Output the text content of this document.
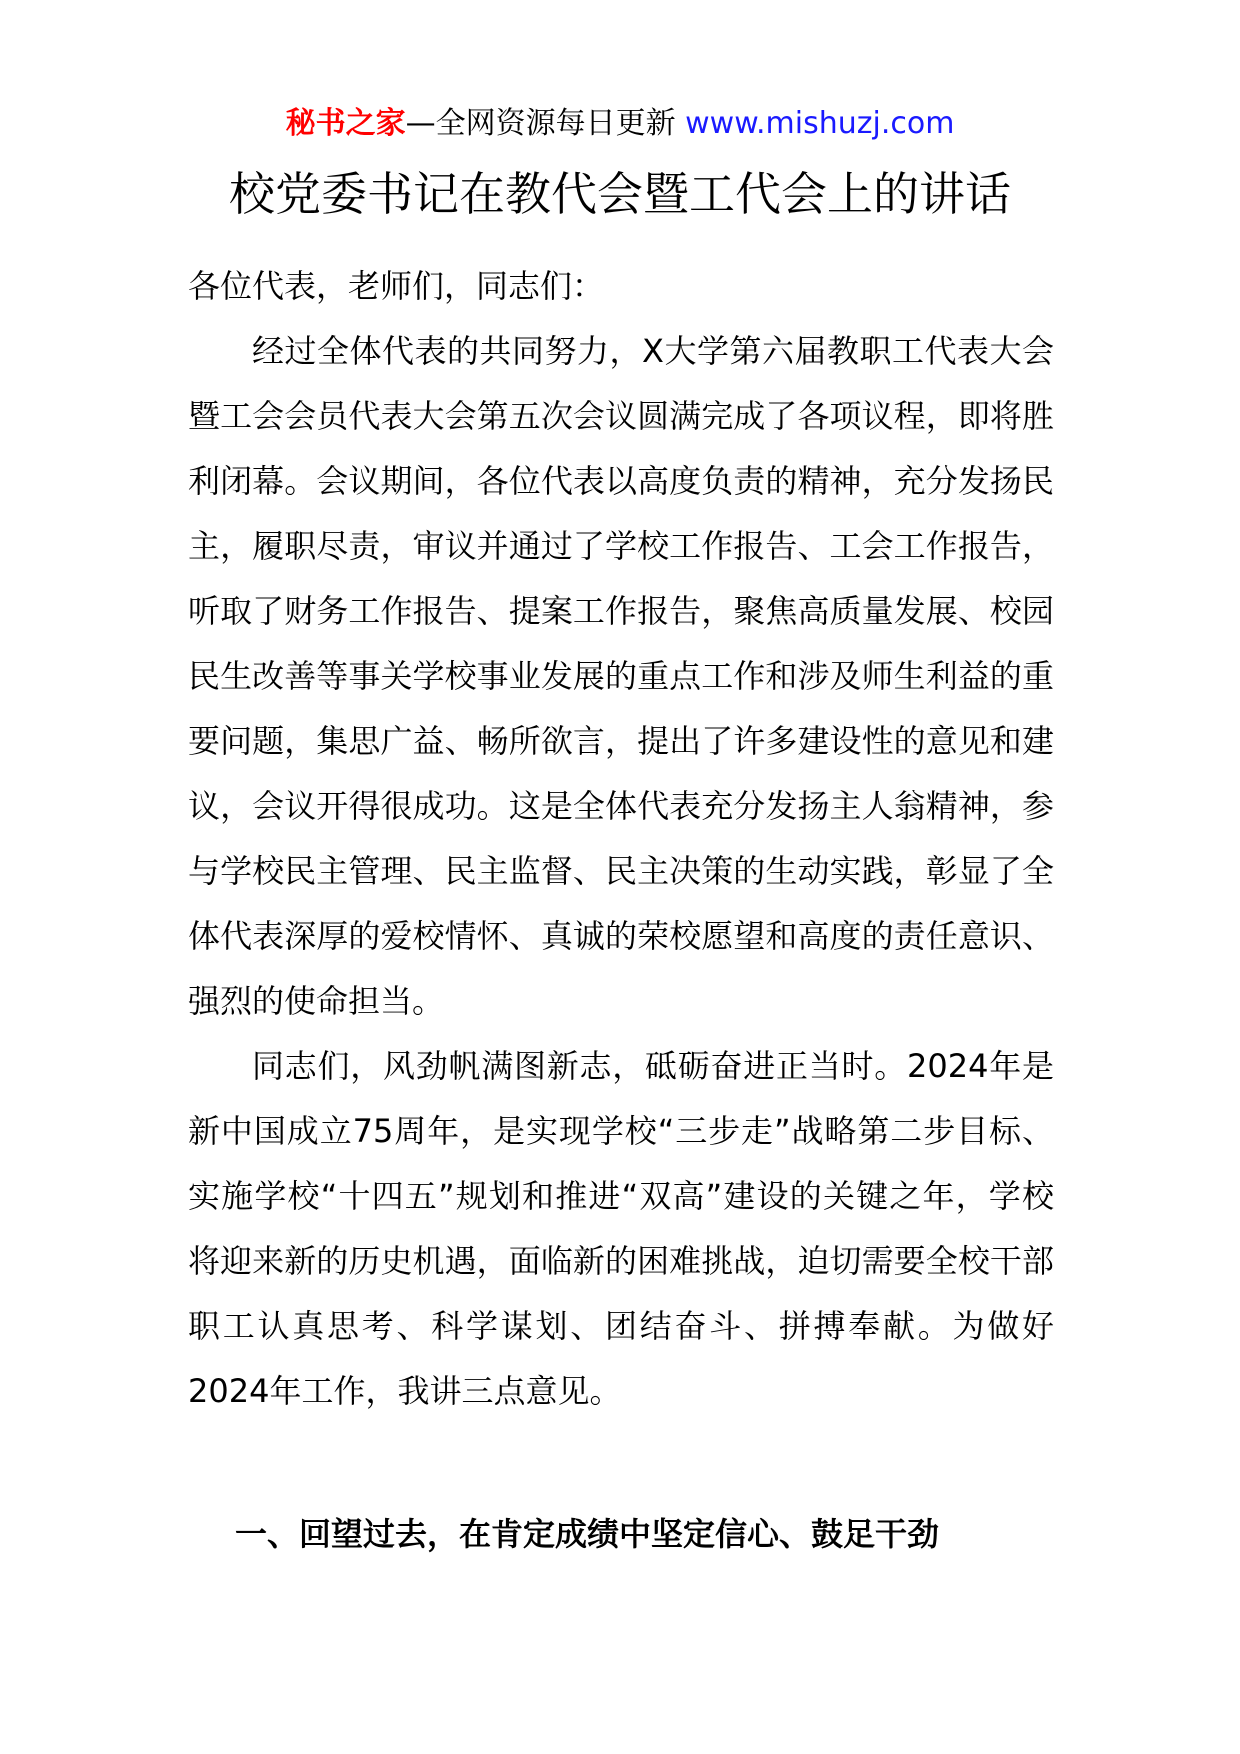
秘书之家—全网资源每日更新 www.mishuzj.com
校党委书记在教代会暨工代会上的讲话

各位代表，老师们，同志们：

经过全体代表的共同努力，X大学第六届教职工代表大会暨工会会员代表大会第五次会议圆满完成了各项议程，即将胜利闭幕。会议期间，各位代表以高度负责的精神，充分发扬民主，履职尽责，审议并通过了学校工作报告、工会工作报告，听取了财务工作报告、提案工作报告，聚焦高质量发展、校园民生改善等事关学校事业发展的重点工作和涉及师生利益的重要问题，集思广益、畅所欲言，提出了许多建设性的意见和建议，会议开得很成功。这是全体代表充分发扬主人翁精神，参与学校民主管理、民主监督、民主决策的生动实践，彰显了全体代表深厚的爱校情怀、真诚的荣校愿望和高度的责任意识、强烈的使命担当。

同志们，风劲帆满图新志，砥砺奋进正当时。2024年是新中国成立75周年，是实现学校“三步走”战略第二步目标、实施学校“十四五”规划和推进“双高”建设的关键之年，学校将迎来新的历史机遇，面临新的困难挑战，迫切需要全校干部职工认真思考、科学谋划、团结奋斗、拼搏奉献。为做好2024年工作，我讲三点意见。

一、回望过去，在肯定成绩中坚定信心、鼓足干劲
